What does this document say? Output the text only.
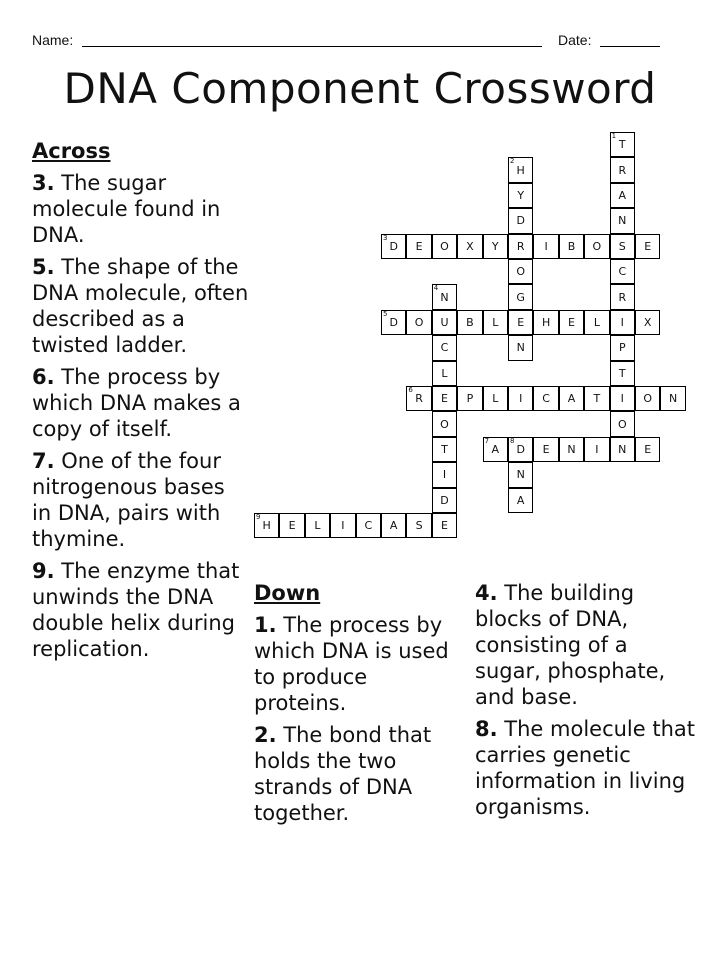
Name:	Date:
DNA Component Crossword
T
1
R
A
N
S
C
R
I
P
T
I
O
N
H
2
Y
D
R
O
G
E
N
D
3
E O X Y	I B O	E
N
4
U
C
L
E
O
T
I
D
E
D
5
O	B L	H E L	X
R
6
P L I C A T	O N
A
7
D
8
E N I	E
N
A
H
9
E L I C A S
Across

3. The sugar molecule found in DNA.

5. The shape of the DNA molecule, often described as a twisted ladder.

6. The process by which DNA makes a copy of itself.

7. One of the four nitrogenous bases in DNA, pairs with thymine.

9. The enzyme that unwinds the DNA double helix during replication.

Down

1. The process by which DNA is used to produce proteins.

2. The bond that holds the two strands of DNA together.

4. The building blocks of DNA, consisting of a sugar, phosphate, and base.

8. The molecule that carries genetic information in living organisms.
